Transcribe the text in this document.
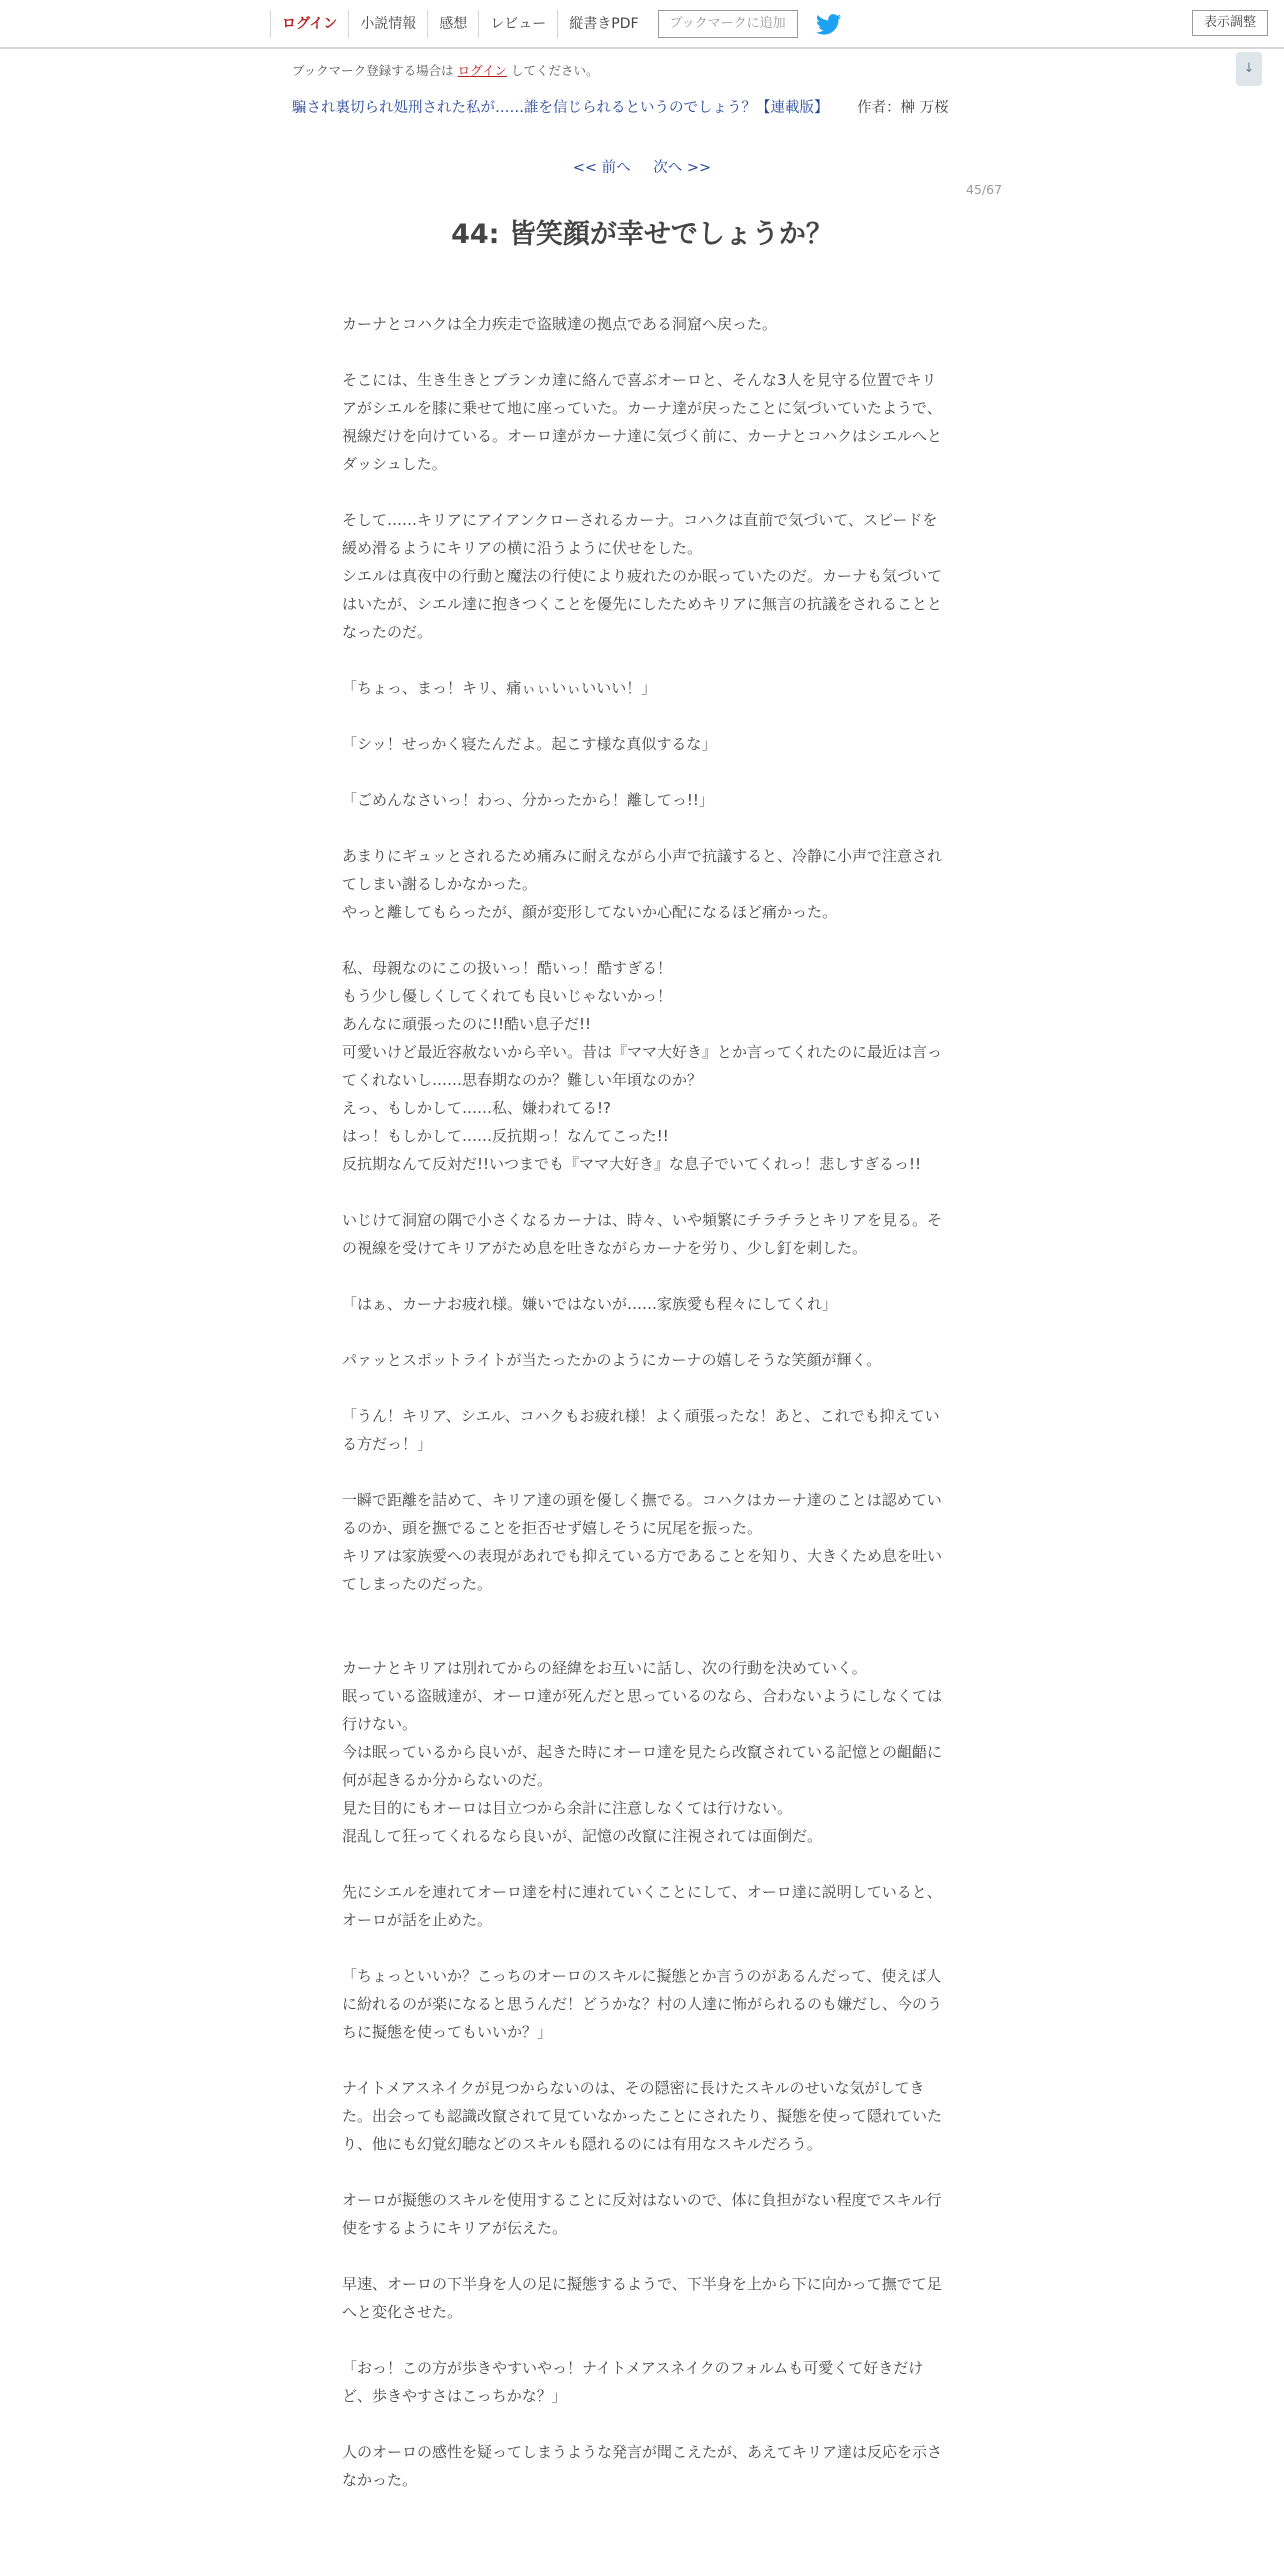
ログイン	小説情報	感想	レビュー	縦書きPDF	ブックマークに追加	表示調整
↓
ブックマーク登録する場合は ログイン してください。
騙され裏切られ処刑された私が……誰を信じられるというのでしょう？【連載版】 作者：榊 万桜
<< 前へ 次へ >>
45/67
44: 皆笑顔が幸せでしょうか？

カーナとコハクは全力疾走で盗賊達の拠点である洞窟へ戻った。

そこには、生き生きとブランカ達に絡んで喜ぶオーロと、そんな3人を見守る位置でキリアがシエルを膝に乗せて地に座っていた。カーナ達が戻ったことに気づいていたようで、視線だけを向けている。オーロ達がカーナ達に気づく前に、カーナとコハクはシエルへとダッシュした。

そして……キリアにアイアンクローされるカーナ。コハクは直前で気づいて、スピードを緩め滑るようにキリアの横に沿うように伏せをした。

シエルは真夜中の行動と魔法の行使により疲れたのか眠っていたのだ。カーナも気づいてはいたが、シエル達に抱きつくことを優先にしたためキリアに無言の抗議をされることとなったのだ。

「ちょっ、まっ！キリ、痛ぃぃいぃいいい！」

「シッ！せっかく寝たんだよ。起こす様な真似するな」

「ごめんなさいっ！わっ、分かったから！離してっ!!」

あまりにギュッとされるため痛みに耐えながら小声で抗議すると、冷静に小声で注意されてしまい謝るしかなかった。

やっと離してもらったが、顔が変形してないか心配になるほど痛かった。

私、母親なのにこの扱いっ！酷いっ！酷すぎる！

もう少し優しくしてくれても良いじゃないかっ！

あんなに頑張ったのに!!酷い息子だ!!

可愛いけど最近容赦ないから辛い。昔は『ママ大好き』とか言ってくれたのに最近は言ってくれないし……思春期なのか？難しい年頃なのか？

えっ、もしかして……私、嫌われてる!?

はっ！もしかして……反抗期っ！なんてこった!!

反抗期なんて反対だ!!いつまでも『ママ大好き』な息子でいてくれっ！悲しすぎるっ!!

いじけて洞窟の隅で小さくなるカーナは、時々、いや頻繁にチラチラとキリアを見る。その視線を受けてキリアがため息を吐きながらカーナを労り、少し釘を刺した。

「はぁ、カーナお疲れ様。嫌いではないが……家族愛も程々にしてくれ」

パァッとスポットライトが当たったかのようにカーナの嬉しそうな笑顔が輝く。

「うん！キリア、シエル、コハクもお疲れ様！よく頑張ったな！あと、これでも抑えている方だっ！」

一瞬で距離を詰めて、キリア達の頭を優しく撫でる。コハクはカーナ達のことは認めているのか、頭を撫でることを拒否せず嬉しそうに尻尾を振った。

キリアは家族愛への表現があれでも抑えている方であることを知り、大きくため息を吐いてしまったのだった。

カーナとキリアは別れてからの経緯をお互いに話し、次の行動を決めていく。

眠っている盗賊達が、オーロ達が死んだと思っているのなら、合わないようにしなくては行けない。

今は眠っているから良いが、起きた時にオーロ達を見たら改竄されている記憶との齟齬に何が起きるか分からないのだ。

見た目的にもオーロは目立つから余計に注意しなくては行けない。

混乱して狂ってくれるなら良いが、記憶の改竄に注視されては面倒だ。

先にシエルを連れてオーロ達を村に連れていくことにして、オーロ達に説明していると、オーロが話を止めた。

「ちょっといいか？こっちのオーロのスキルに擬態とか言うのがあるんだって、使えば人に紛れるのが楽になると思うんだ！どうかな？村の人達に怖がられるのも嫌だし、今のうちに擬態を使ってもいいか？」

ナイトメアスネイクが見つからないのは、その隠密に長けたスキルのせいな気がしてきた。出会っても認識改竄されて見ていなかったことにされたり、擬態を使って隠れていたり、他にも幻覚幻聴などのスキルも隠れるのには有用なスキルだろう。

オーロが擬態のスキルを使用することに反対はないので、体に負担がない程度でスキル行使をするようにキリアが伝えた。

早速、オーロの下半身を人の足に擬態するようで、下半身を上から下に向かって撫でて足へと変化させた。

「おっ！この方が歩きやすいやっ！ナイトメアスネイクのフォルムも可愛くて好きだけど、歩きやすさはこっちかな？」

人のオーロの感性を疑ってしまうような発言が聞こえたが、あえてキリア達は反応を示さなかった。
